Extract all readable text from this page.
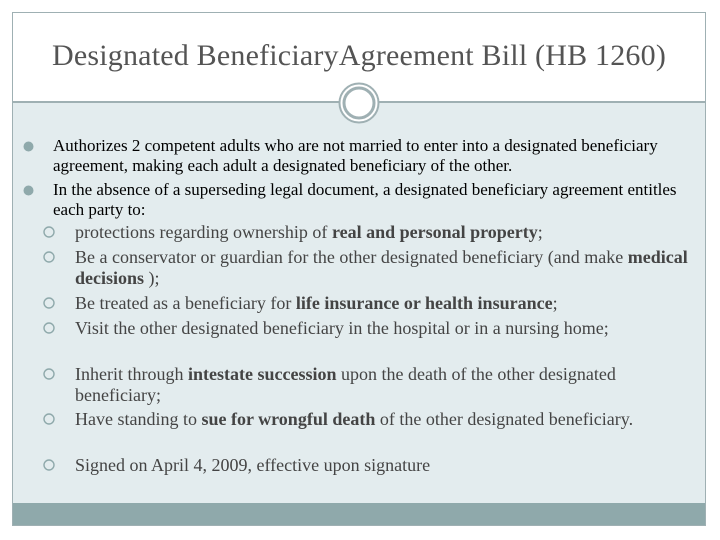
Designated BeneficiaryAgreement Bill (HB 1260)
Authorizes 2 competent adults who are not married to enter into a designated beneficiary agreement, making each adult a designated beneficiary of the other.
In the absence of a superseding legal document, a designated beneficiary agreement entitles each party to:
protections regarding ownership of real and personal property;
Be a conservator or guardian for the other designated beneficiary (and make medical decisions );
Be treated as a beneficiary for life insurance or health insurance;
Visit the other designated beneficiary in the hospital or in a nursing home;
Inherit through intestate succession upon the death of the other designated beneficiary;
Have standing to sue for wrongful death of the other designated beneficiary.
Signed on April 4, 2009, effective upon signature
